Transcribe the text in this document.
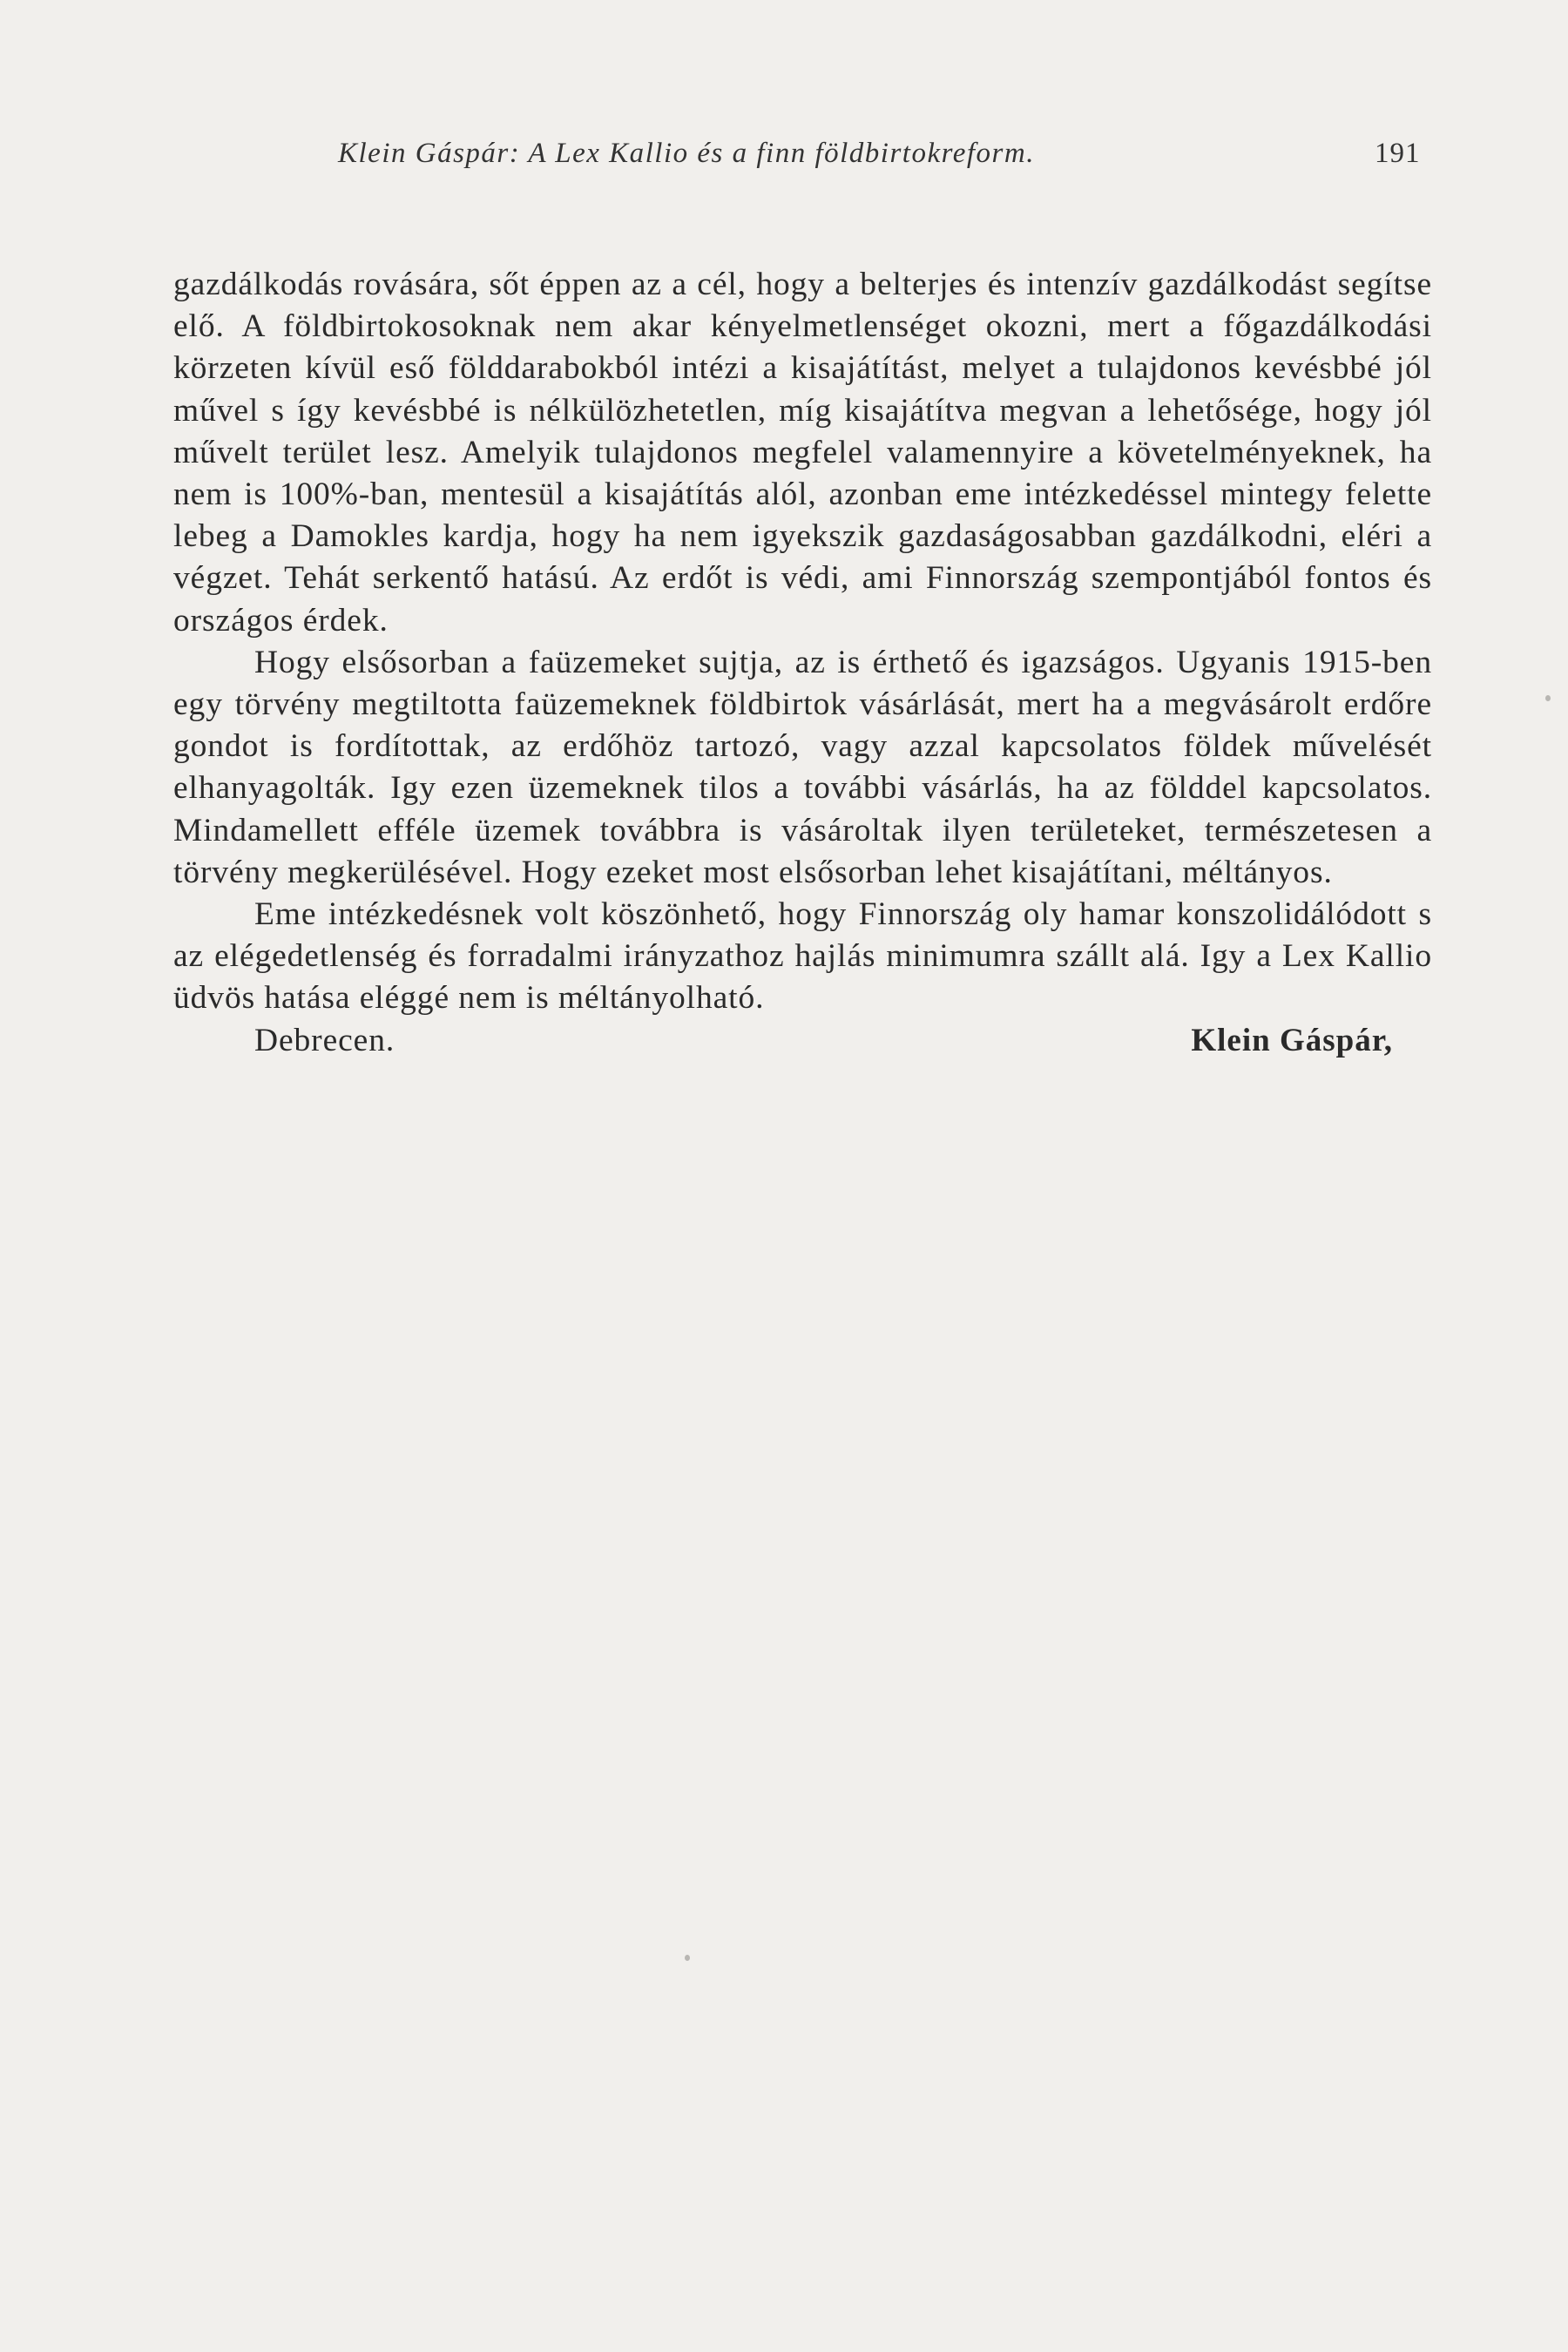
Klein Gáspár: A Lex Kallio és a finn földbirtokreform.	191

gazdálkodás rovására, sőt éppen az a cél, hogy a belterjes és intenzív gazdálkodást segítse elő. A földbirtokosoknak nem akar kényelmetlenséget okozni, mert a főgazdálkodási körzeten kívül eső földdarabokból intézi a kisajátítást, melyet a tulajdonos kevésbbé jól művel s így kevésbbé is nélkülözhetetlen, míg kisajátítva megvan a lehetősége, hogy jól művelt terület lesz. Amelyik tulajdonos megfelel valamennyire a követelményeknek, ha nem is 100%-ban, mentesül a kisajátítás alól, azonban eme intézkedéssel mintegy felette lebeg a Damokles kardja, hogy ha nem igyekszik gazdaságosabban gazdálkodni, eléri a végzet. Tehát serkentő hatású. Az erdőt is védi, ami Finnország szempontjából fontos és országos érdek.

Hogy elsősorban a faüzemeket sujtja, az is érthető és igazságos. Ugyanis 1915-ben egy törvény megtiltotta faüzemeknek földbirtok vásárlását, mert ha a megvásárolt erdőre gondot is fordítottak, az erdőhöz tartozó, vagy azzal kapcsolatos földek művelését elhanyagolták. Igy ezen üzemeknek tilos a további vásárlás, ha az földdel kapcsolatos. Mindamellett efféle üzemek továbbra is vásároltak ilyen területeket, természetesen a törvény megkerülésével. Hogy ezeket most elsősorban lehet kisajátítani, méltányos.

Eme intézkedésnek volt köszönhető, hogy Finnország oly hamar konszolidálódott s az elégedetlenség és forradalmi irányzathoz hajlás minimumra szállt alá. Igy a Lex Kallio üdvös hatása eléggé nem is méltányolható.

Debrecen.	Klein Gáspár,
